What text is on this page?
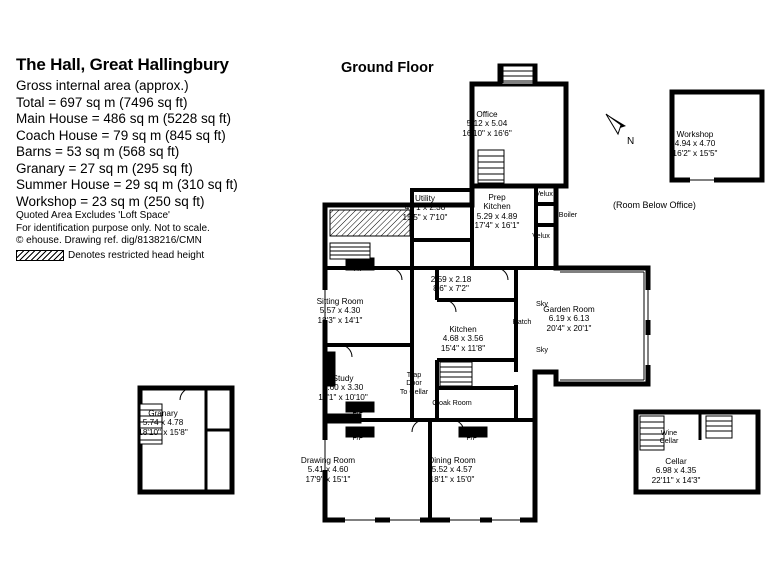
The Hall, Great Hallingbury
Gross internal area (approx.)
Total = 697 sq m (7496 sq ft)
Main House = 486 sq m (5228 sq ft)
Coach House = 79 sq m (845 sq ft)
Barns = 53 sq m (568 sq ft)
Granary = 27 sq m (295 sq ft)
Summer House = 29 sq m (310 sq ft)
Workshop = 23 sq m (250 sq ft)
Quoted Area Excludes 'Loft Space'
For identification purpose only. Not to scale.
© ehouse. Drawing ref. dig/8138216/CMN
Denotes restricted head height
Ground Floor
N
Office
5.12 x 5.04
16'10" x 16'6"	Workshop
4.94 x 4.70
16'2" x 15'5"
Utility
4.71 x 2.38
15'5" x 7'10"
Prep
Kitchen
5.29 x 4.89
17'4" x 16'1"
Boiler
Velux
Velux
2.59 x 2.18
8'6" x 7'2"
Sitting Room
5.57 x 4.30
18'3" x 14'1"
Kitchen
4.68 x 3.56
15'4" x 11'8"
Hatch
Sky
Sky
Garden Room
6.19 x 6.13
20'4" x 20'1"
Study
4.60 x 3.30
15'1" x 10'10"
Trap
Door
To Cellar
Cloak Room
Granary
5.74 x 4.78
18'10" x 15'8"
Drawing Room
5.41 x 4.60
17'9" x 15'1"
Dining Room
5.52 x 4.57
18'1" x 15'0"
Wine
Cellar
Cellar
6.98 x 4.35
22'11" x 14'3"
F/P
F/P
F/P	F/P
(Room Below Office)
